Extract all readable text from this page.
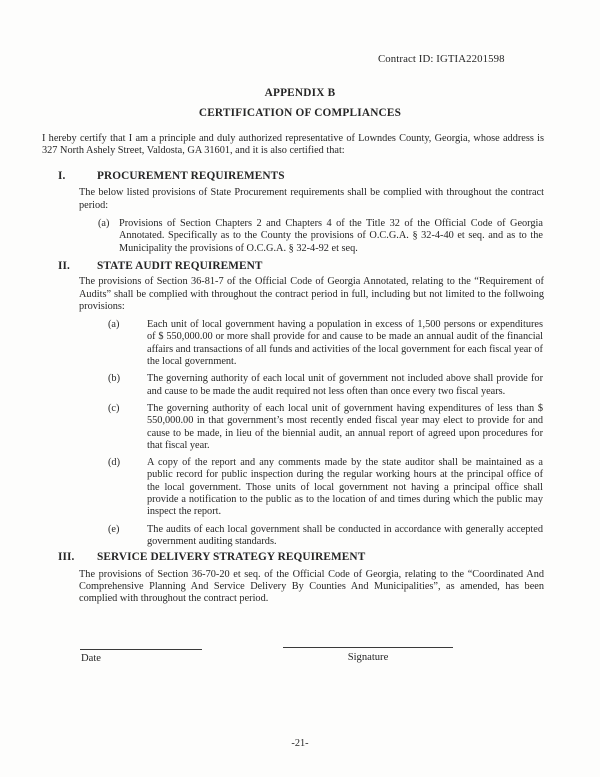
Contract ID: IGTIA2201598
APPENDIX B
CERTIFICATION OF COMPLIANCES

I hereby certify that I am a principle and duly authorized representative of Lowndes County, Georgia, whose address is 327 North Ashely Street, Valdosta, GA 31601, and it is also certified that:

I.	PROCUREMENT REQUIREMENTS

The below listed provisions of State Procurement requirements shall be complied with throughout the contract period:

(a) Provisions of Section Chapters 2 and Chapters 4 of the Title 32 of the Official Code of Georgia Annotated. Specifically as to the County the provisions of O.C.G.A. § 32-4-40 et seq. and as to the Municipality the provisions of O.C.G.A. § 32-4-92 et seq.
II. STATE AUDIT REQUIREMENT

The provisions of Section 36-81-7 of the Official Code of Georgia Annotated, relating to the “Requirement of Audits” shall be complied with throughout the contract period in full, including but not limited to the follwoing provisions:

(a)	Each unit of local government having a population in excess of 1,500 persons or expenditures of $ 550,000.00 or more shall provide for and cause to be made an annual audit of the financial affairs and transactions of all funds and activities of the local government for each fiscal year of the local government.
(b)	The governing authority of each local unit of government not included above shall provide for and cause to be made the audit required not less often than once every two fiscal years.
(c)	The governing authority of each local unit of government having expenditures of less than $ 550,000.00 in that government’s most recently ended fiscal year may elect to provide for and cause to be made, in lieu of the biennial audit, an annual report of agreed upon procedures for that fiscal year.
(d)	A copy of the report and any comments made by the state auditor shall be maintained as a public record for public inspection during the regular working hours at the principal office of the local government. Those units of local government not having a principal office shall provide a notification to the public as to the location of and times during which the public may inspect the report.
(e)	The audits of each local government shall be conducted in accordance with generally accepted government auditing standards.
III. SERVICE DELIVERY STRATEGY REQUIREMENT

The provisions of Section 36-70-20 et seq. of the Official Code of Georgia, relating to the “Coordinated And Comprehensive Planning And Service Delivery By Counties And Municipalities”, as amended, has been complied with throughout the contract period.

Date	Signature
-21-
